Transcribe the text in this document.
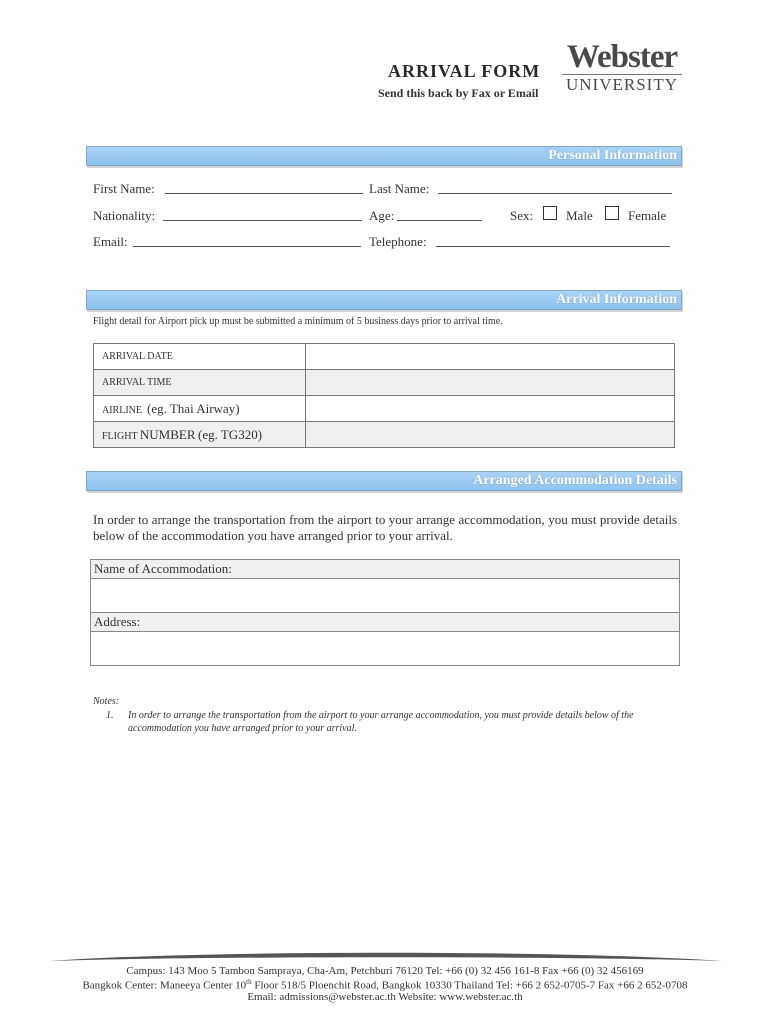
ARRIVAL FORM
Send this back by Fax or Email
Webster
UNIVERSITY
Personal Information
First Name:	Last Name:
Nationality:	Age:	Sex:	Male	Female
Email:	Telephone:
Arrival Information
Flight detail for Airport pick up must be submitted a minimum of 5 business days prior to arrival time.
ARRIVAL DATE	
ARRIVAL TIME	
AIRLINE (eg. Thai Airway)	
FLIGHT NUMBER (eg. TG320)	
Arranged Accommodation Details
In order to arrange the transportation from the airport to your arrange accommodation, you must provide details below of the accommodation you have arranged prior to your arrival.
Name of Accommodation:

Address:

Notes:
1. In order to arrange the transportation from the airport to your arrange accommodation, you must provide details below of the accommodation you have arranged prior to your arrival.
Campus: 143 Moo 5 Tambon Sampraya, Cha-Am, Petchburi 76120 Tel: +66 (0) 32 456 161-8 Fax +66 (0) 32 456169
Bangkok Center: Maneeya Center 10th Floor 518/5 Ploenchit Road, Bangkok 10330 Thailand Tel: +66 2 652-0705-7 Fax +66 2 652-0708
Email: admissions@webster.ac.th Website: www.webster.ac.th
